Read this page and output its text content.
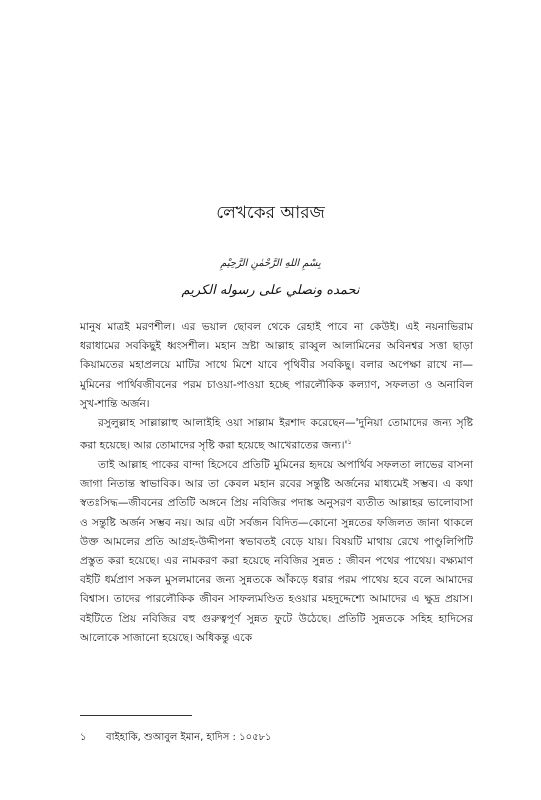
লেখকের আরজ
بِسْمِ اللهِ الرَّحْمٰنِ الرَّحِيْمِ
نحمده ونصلي على رسوله الكريم

মানুষ মাত্রই মরণশীল। এর ভয়াল ছোবল থেকে রেহাই পাবে না কেউই। এই নয়নাভিরাম ধরাধামের সবকিছুই ধ্বংসশীল। মহান স্রষ্টা আল্লাহ রাব্বুল আলামিনের অবিনশ্বর সত্তা ছাড়া কিয়ামতের মহাপ্রলয়ে মাটির সাথে মিশে যাবে পৃথিবীর সবকিছু। বলার অপেক্ষা রাখে না—মুমিনের পার্থিবজীবনের পরম চাওয়া-পাওয়া হচ্ছে পারলৌকিক কল্যাণ, সফলতা ও অনাবিল সুখ-শান্তি অর্জন।

রসুলুল্লাহ সাল্লাল্লাহু আলাইহি ওয়া সাল্লাম ইরশাদ করেছেন—'দুনিয়া তোমাদের জন্য সৃষ্টি করা হয়েছে। আর তোমাদের সৃষ্টি করা হয়েছে আখেরাতের $জন্য।'^১$

তাই আল্লাহ পাকের বান্দা হিসেবে প্রতিটি মুমিনের হৃদয়ে অপার্থিব সফলতা লাভের বাসনা জাগা নিতান্ত স্বাভাবিক। আর তা কেবল মহান রবের সন্তুষ্টি অর্জনের মাধ্যমেই সম্ভব। এ কথা স্বতঃসিদ্ধ—জীবনের প্রতিটি অঙ্গনে প্রিয় নবিজির পদাঙ্ক অনুসরণ ব্যতীত আল্লাহর ভালোবাসা ও সন্তুষ্টি অর্জন সম্ভব নয়। আর এটা সর্বজন বিদিত—কোনো সুন্নতের ফজিলত জানা থাকলে উক্ত আমলের প্রতি আগ্রহ-উদ্দীপনা স্বভাবতই বেড়ে যায়। বিষয়টি মাথায় রেখে পাণ্ডুলিপিটি প্রস্তুত করা হয়েছে। এর নামকরণ করা হয়েছে নবিজির সুন্নত : জীবন পথের পাথেয়। বক্ষ্যমাণ বইটি ধর্মপ্রাণ সকল মুসলমানের জন্য সুন্নতকে আঁকড়ে ধরার পরম পাথেয় হবে বলে আমাদের বিশ্বাস। তাদের পারলৌকিক জীবন সাফল্যমণ্ডিত হওয়ার মহদুদ্দেশ্যে আমাদের এ ক্ষুদ্র প্রয়াস। বইটিতে প্রিয় নবিজির বহু গুরুত্বপূর্ণ সুন্নত ফুটে উঠেছে। প্রতিটি সুন্নতকে সহিহ হাদিসের আলোকে সাজানো হয়েছে। অধিকন্তু একে

১ বাইহাকি, শুআবুল ইমান, হাদিস : ১০৫৮১
